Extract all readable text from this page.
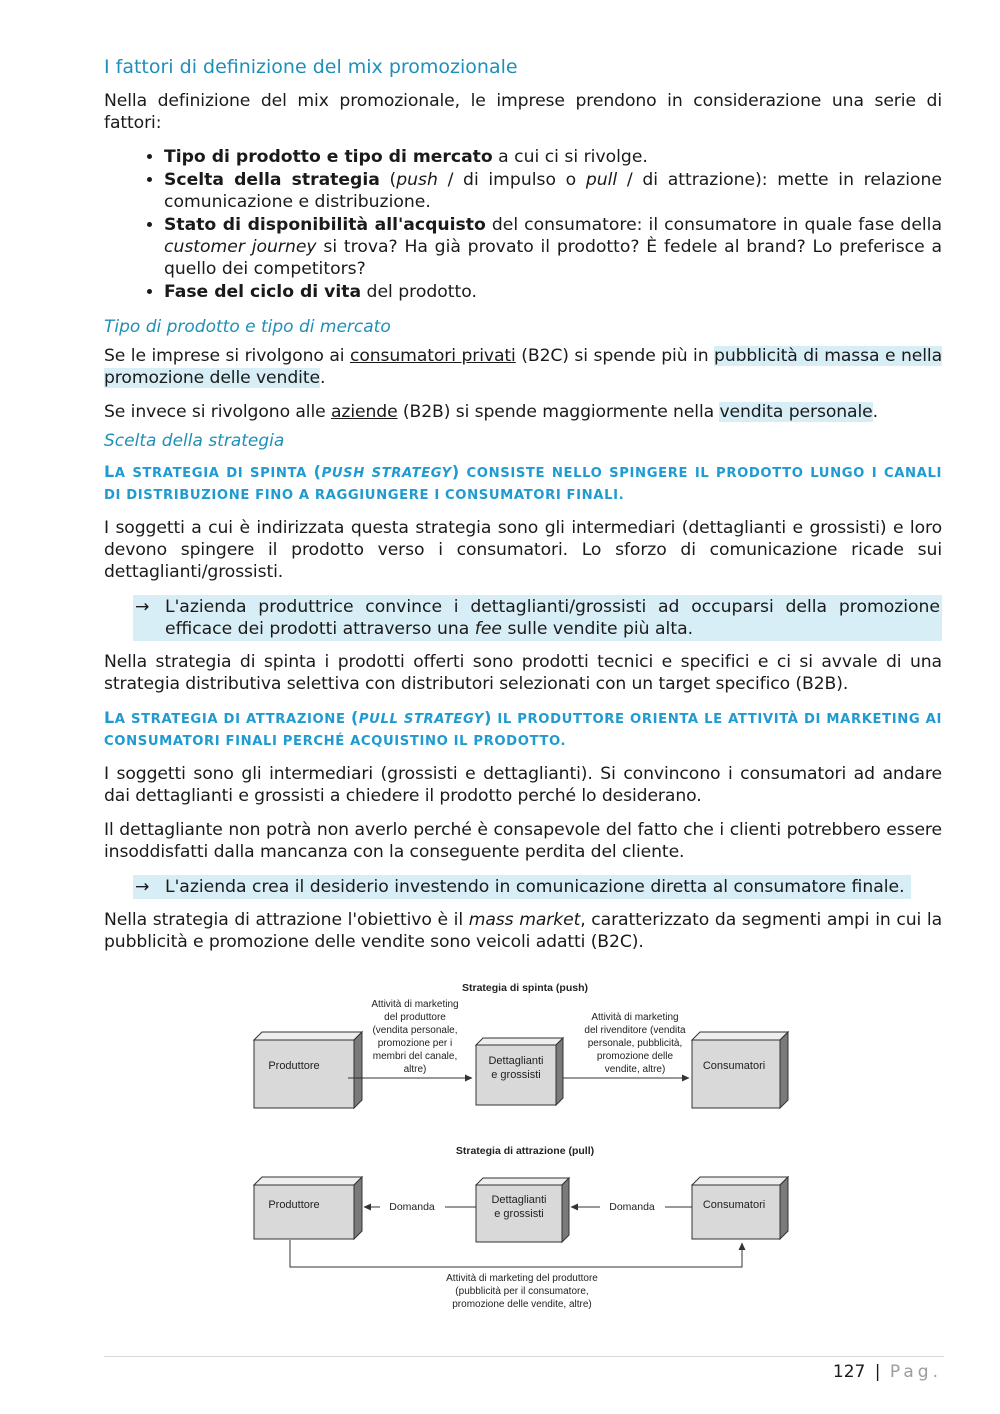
I fattori di definizione del mix promozionale

Nella definizione del mix promozionale, le imprese prendono in considerazione una serie di fattori:

• Tipo di prodotto e tipo di mercato a cui ci si rivolge.
• Scelta della strategia (push / di impulso o pull / di attrazione): mette in relazione comunicazione e distribuzione.
• Stato di disponibilità all'acquisto del consumatore: il consumatore in quale fase della customer journey si trova? Ha già provato il prodotto? È fedele al brand? Lo preferisce a quello dei competitors?
• Fase del ciclo di vita del prodotto.
Tipo di prodotto e tipo di mercato

Se le imprese si rivolgono ai consumatori privati (B2C) si spende più in pubblicità di massa e nella promozione delle vendite.

Se invece si rivolgono alle aziende (B2B) si spende maggiormente nella vendita personale.

Scelta della strategia

LA STRATEGIA DI SPINTA (PUSH STRATEGY) CONSISTE NELLO SPINGERE IL PRODOTTO LUNGO I CANALI DI DISTRIBUZIONE FINO A RAGGIUNGERE I CONSUMATORI FINALI.

I soggetti a cui è indirizzata questa strategia sono gli intermediari (dettaglianti e grossisti) e loro devono spingere il prodotto verso i consumatori. Lo sforzo di comunicazione ricade sui dettaglianti/grossisti.

→ L'azienda produttrice convince i dettaglianti/grossisti ad occuparsi della promozione efficace dei prodotti attraverso una fee sulle vendite più alta.

Nella strategia di spinta i prodotti offerti sono prodotti tecnici e specifici e ci si avvale di una strategia distributiva selettiva con distributori selezionati con un target specifico (B2B).

LA STRATEGIA DI ATTRAZIONE (PULL STRATEGY) IL PRODUTTORE ORIENTA LE ATTIVITÀ DI MARKETING AI CONSUMATORI FINALI PERCHÉ ACQUISTINO IL PRODOTTO.

I soggetti sono gli intermediari (grossisti e dettaglianti). Si convincono i consumatori ad andare dai dettaglianti e grossisti a chiedere il prodotto perché lo desiderano.

Il dettagliante non potrà non averlo perché è consapevole del fatto che i clienti potrebbero essere insoddisfatti dalla mancanza con la conseguente perdita del cliente.

→ L'azienda crea il desiderio investendo in comunicazione diretta al consumatore finale.

Nella strategia di attrazione l'obiettivo è il mass market, caratterizzato da segmenti ampi in cui la pubblicità e promozione delle vendite sono veicoli adatti (B2C).

Strategia di spinta (push)
Produttore	Dettaglianti
e grossisti
Consumatori
Attività di marketing
del produttore
(vendita personale,
promozione per i
membri del canale,
altre)
Attività di marketing
del rivenditore (vendita
personale, pubblicità,
promozione delle
vendite, altre)
Strategia di attrazione (pull)
Produttore	Dettaglianti
e grossisti
Consumatori
Domanda	Domanda
Attività di marketing del produttore
(pubblicità per il consumatore,
promozione delle vendite, altre)
127 | Pag.
